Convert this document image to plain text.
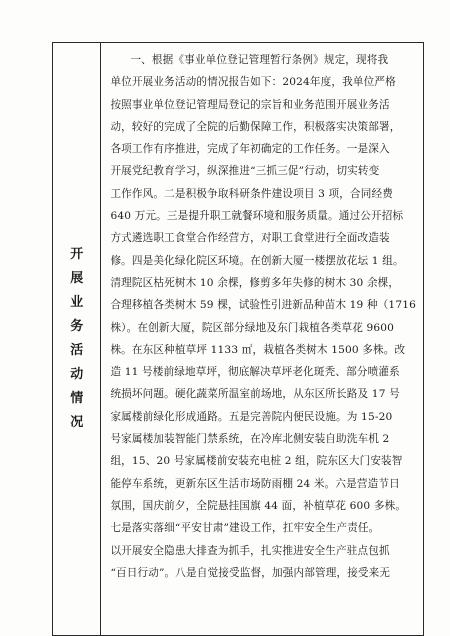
开
展
业
务
活
动
情
况

一、根据《事业单位登记管理暂行条例》规定，现将我
单位开展业务活动的情况报告如下：2024年度，我单位严格
按照事业单位登记管理局登记的宗旨和业务范围开展业务活
动，较好的完成了全院的后勤保障工作，积极落实决策部署，
各项工作有序推进，完成了年初确定的工作任务。一是深入
开展党纪教育学习，纵深推进“三抓三促”行动，切实转变
工作作风。二是积极争取科研条件建设项目 3 项，合同经费
640 万元。三是提升职工就餐环境和服务质量。通过公开招标
方式遴选职工食堂合作经营方，对职工食堂进行全面改造装
修。四是美化绿化院区环境。在创新大厦一楼摆放花坛 1 组。
清理院区枯死树木 10 余棵，修剪多年失修的树木 30 余棵，
合理移植各类树木 59 棵，试验性引进新品种苗木 19 种（1716
株）。在创新大厦，院区部分绿地及东门栽植各类草花 9600
株。在东区种植草坪 1133 ㎡，栽植各类树木 1500 多株。改
造 11 号楼前绿地草坪，彻底解决草坪老化斑秃、部分喷灌系
统损坏问题。硬化蔬菜所温室前场地，从东区所长路及 17 号
家属楼前绿化形成通路。五是完善院内便民设施。为 15-20
号家属楼加装智能门禁系统，在冷库北侧安装自助洗车机 2
组，15、20 号家属楼前安装充电桩 2 组，院东区大门安装智
能停车系统，更新东区生活市场防雨棚 24 米。六是营造节日
氛围，国庆前夕，全院悬挂国旗 44 面，补植草花 600 多株。
七是落实落细“平安甘肃”建设工作，扛牢安全生产责任。
以开展安全隐患大排查为抓手，扎实推进安全生产驻点包抓
“百日行动”。八是自觉接受监督，加强内部管理，接受来无
